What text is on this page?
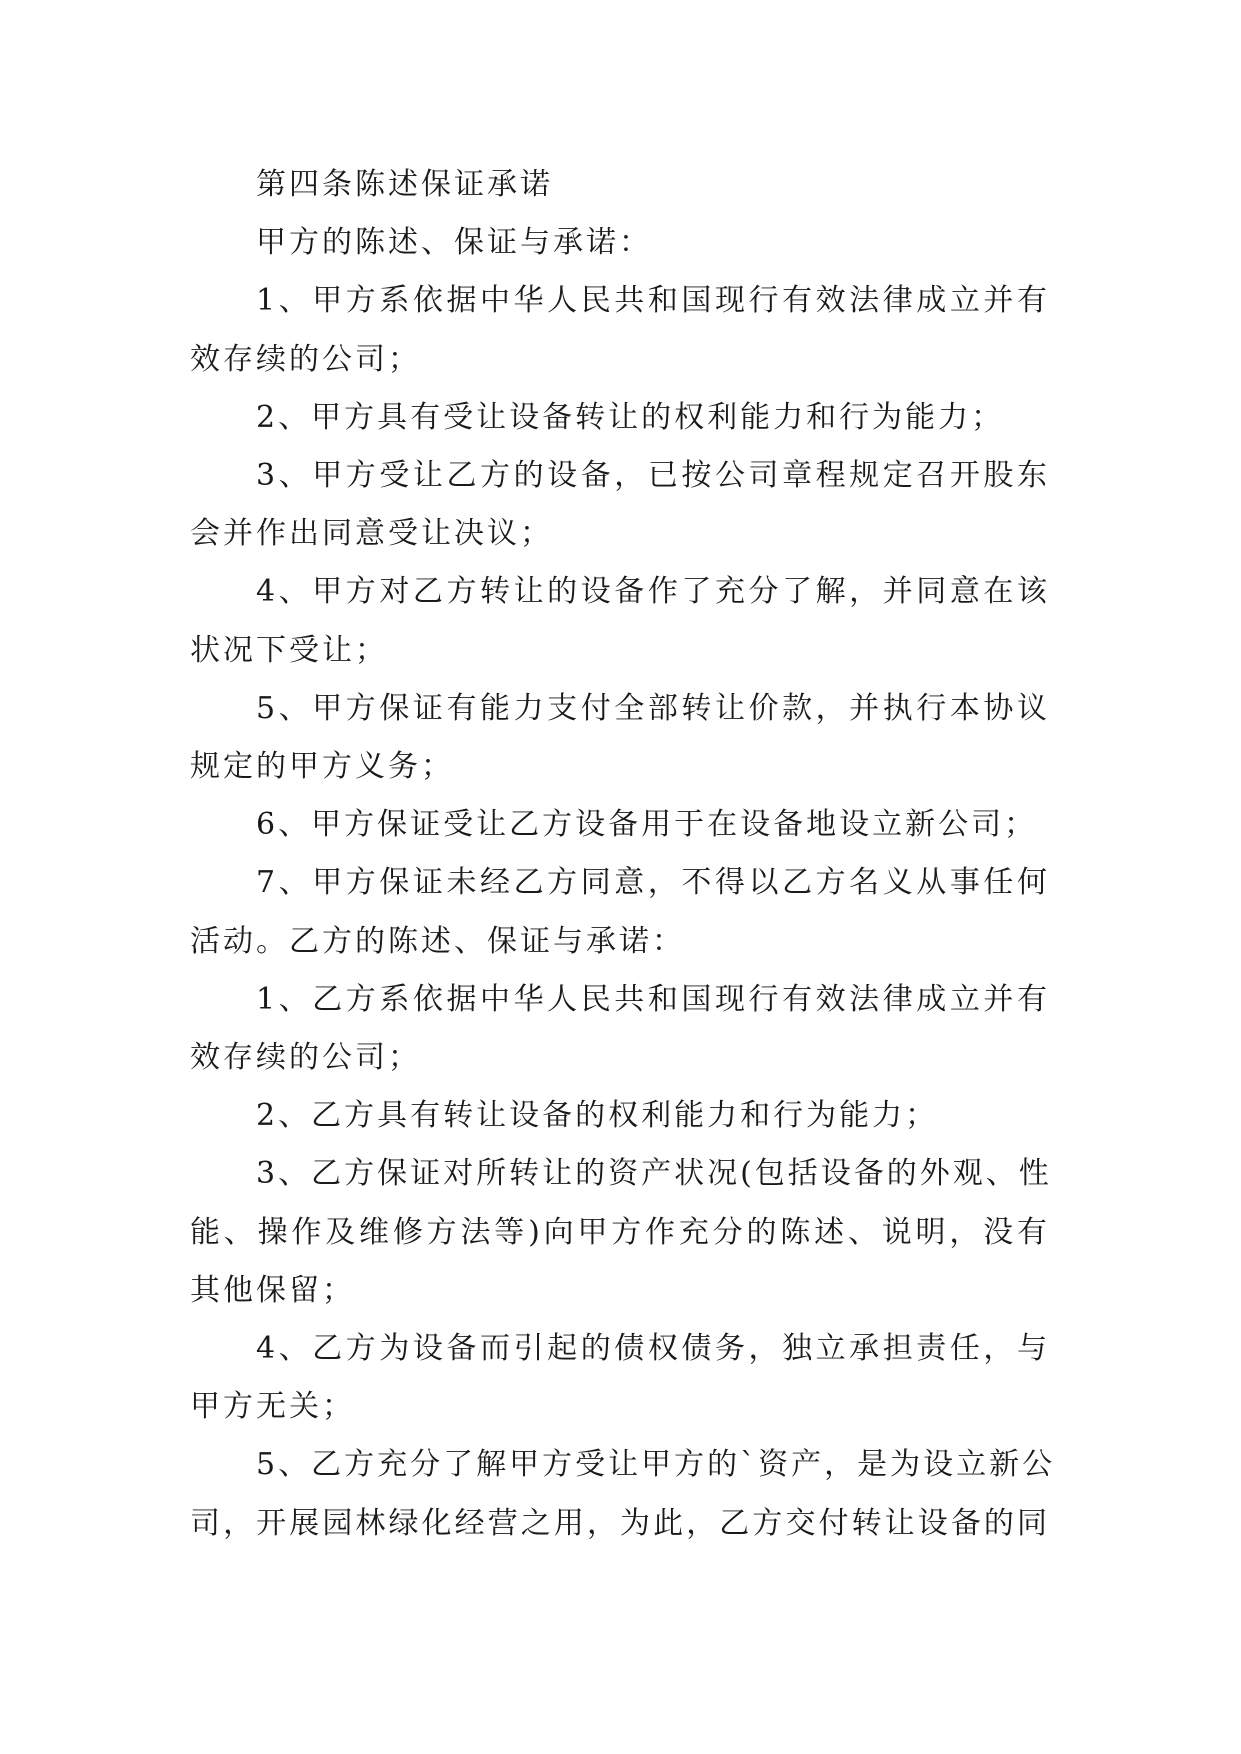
第四条陈述保证承诺
甲方的陈述、保证与承诺：
1、甲方系依据中华人民共和国现行有效法律成立并有
效存续的公司；
2、甲方具有受让设备转让的权利能力和行为能力；
3、甲方受让乙方的设备，已按公司章程规定召开股东
会并作出同意受让决议；
4、甲方对乙方转让的设备作了充分了解，并同意在该
状况下受让；
5、甲方保证有能力支付全部转让价款，并执行本协议
规定的甲方义务；
6、甲方保证受让乙方设备用于在设备地设立新公司；
7、甲方保证未经乙方同意，不得以乙方名义从事任何
活动。乙方的陈述、保证与承诺：
1、乙方系依据中华人民共和国现行有效法律成立并有
效存续的公司；
2、乙方具有转让设备的权利能力和行为能力；
3、乙方保证对所转让的资产状况(包括设备的外观、性
能、操作及维修方法等)向甲方作充分的陈述、说明，没有
其他保留；
4、乙方为设备而引起的债权债务，独立承担责任，与
甲方无关；
5、乙方充分了解甲方受让甲方的`资产，是为设立新公
司，开展园林绿化经营之用，为此，乙方交付转让设备的同
